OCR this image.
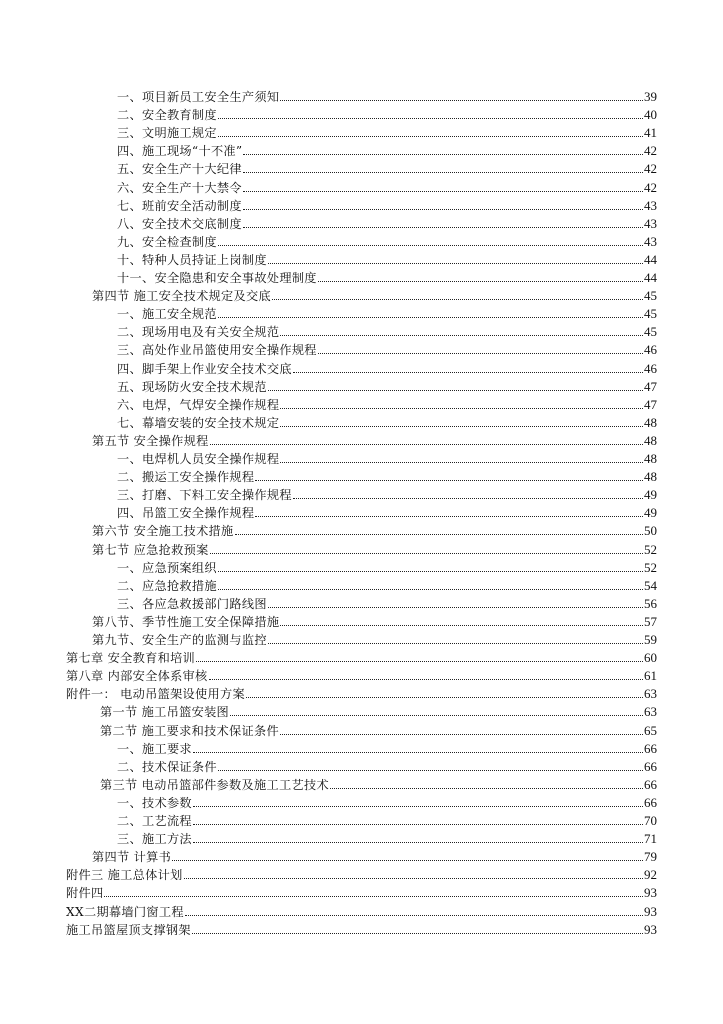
一、项目新员工安全生产须知	39
二、安全教育制度	40
三、文明施工规定	41
四、施工现场“十不准”	42
五、安全生产十大纪律	42
六、安全生产十大禁令	42
七、班前安全活动制度	43
八、安全技术交底制度	43
九、安全检查制度	43
十、特种人员持证上岗制度	44
十一、安全隐患和安全事故处理制度	44
第四节 施工安全技术规定及交底	45
一、施工安全规范	45
二、现场用电及有关安全规范	45
三、高处作业吊篮使用安全操作规程	46
四、脚手架上作业安全技术交底	46
五、现场防火安全技术规范	47
六、电焊，气焊安全操作规程	47
七、幕墙安装的安全技术规定	48
第五节 安全操作规程	48
一、电焊机人员安全操作规程	48
二、搬运工安全操作规程	48
三、打磨、下料工安全操作规程	49
四、吊篮工安全操作规程	49
第六节 安全施工技术措施	50
第七节 应急抢救预案	52
一、应急预案组织	52
二、应急抢救措施	54
三、各应急救援部门路线图	56
第八节、季节性施工安全保障措施	57
第九节、安全生产的监测与监控	59
第七章 安全教育和培训	60
第八章 内部安全体系审核	61
附件一： 电动吊篮架设使用方案	63
第一节 施工吊篮安装图	63
第二节 施工要求和技术保证条件	65
一、施工要求	66
二、技术保证条件	66
第三节 电动吊篮部件参数及施工工艺技术	66
一、技术参数	66
二、工艺流程	70
三、施工方法	71
第四节 计算书	79
附件三 施工总体计划	92
附件四	93
XX二期幕墙门窗工程	93
施工吊篮屋顶支撑钢架	93
